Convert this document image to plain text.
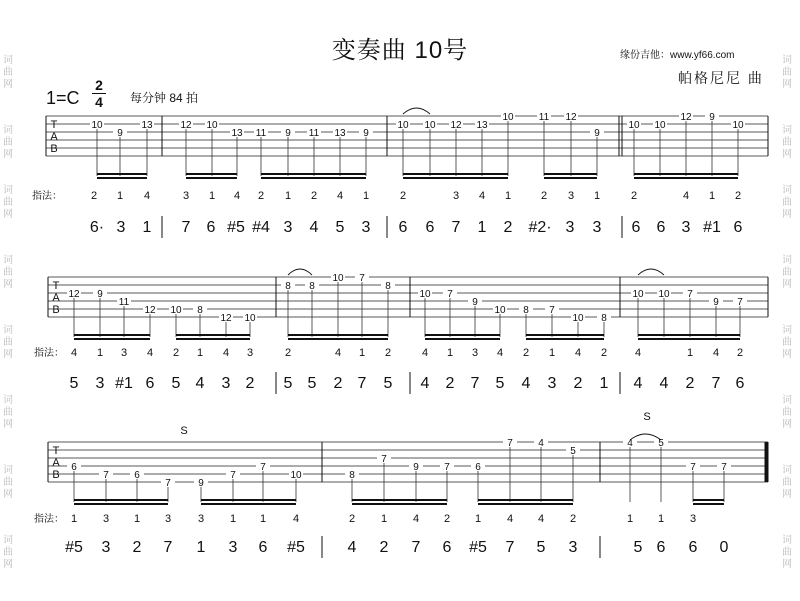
变奏曲 10号	缘份吉他：www.yf66.com
帕格尼尼 曲
1=C
2
4 每分钟 84 拍
词
曲
网
词
曲
网
词
曲
网
词
曲
网
词
曲
网
词
曲
网
词
曲
网
词
曲
网
词
曲
网
词
曲
网
词
曲
网
词
曲
网
词
曲
网
词
曲
网
词
曲
网
词
曲
网
T
A
B
10
9
13	12 10
13 11 9 11 13 9
10 10 12 13
10	11 12
9
10 10
12 9
10
指法：	2 1 4	3 1 4 2 1 2 4 1	2	3 4 1	2 3 1	2	4 1 2
6· 3 1 7 6 #5 #4 3 4 5 3 6 6 7 1 2 #2· 3 3 6 6 3 #1 6
T
A
B
12 9
11
12 10 8
12 10
8 8
10 7
8
10 7
9
10 8 7
10 8
10 10 7
9 7
指法： 4 1 3 4 2 1 4 3	2	4 1 2	4 1 3 4 2 1 4 2	4	1 4 2
5 3 #1 6 5 4 3 2 5 5 2 7 5 4 2 7 5 4 3 2 1 4 4 2 7 6
T
A
B
6
7	6
7	9
7
7
10	8
7
9	7	6
7	4
5
4	5
7	7
指法： 1 3 1 3 3 1 1 4	2 1 4 2 1 4 4 2	1 1 3
#5 3 2 7 1 3 6 #5	4 2 7 6 #5 7 5 3	5 6 6 0
S
S
